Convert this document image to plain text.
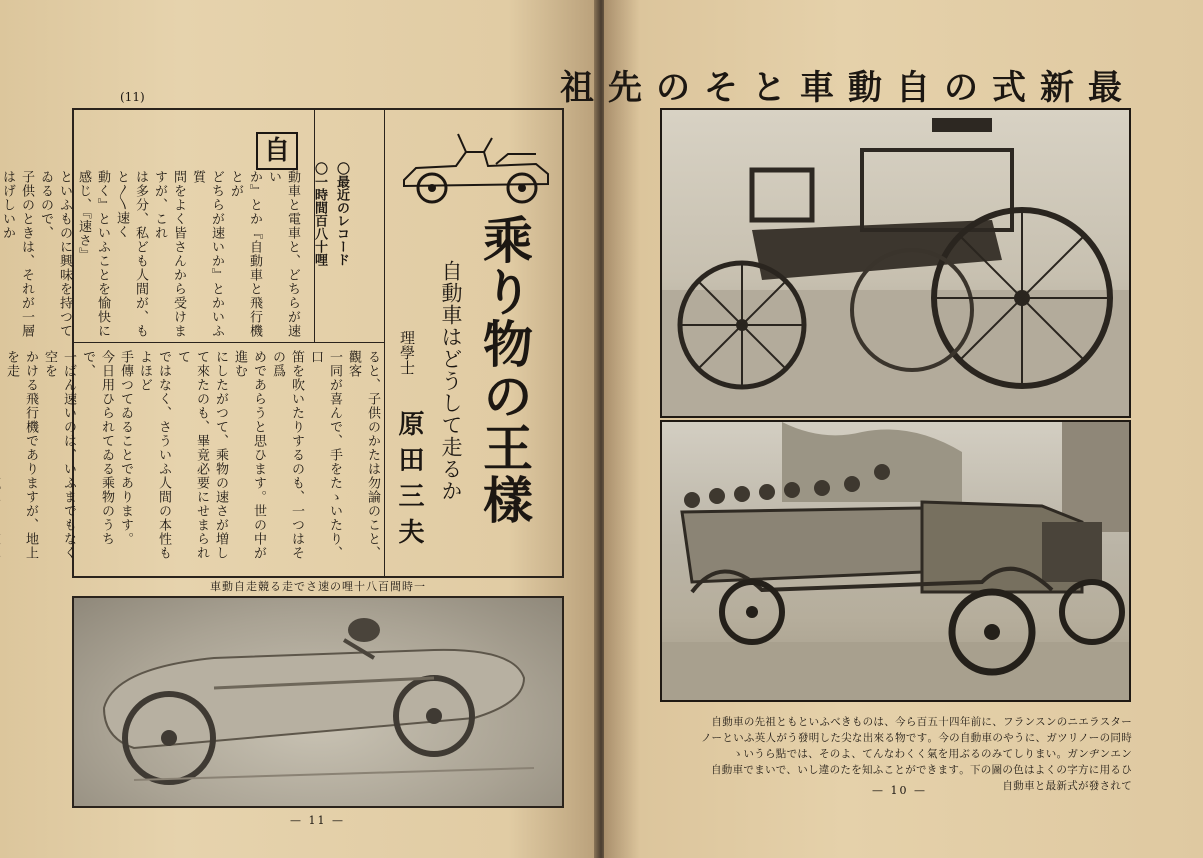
(11)
乘り物の王樣
自動車はどうして走るか
理學士
原田三夫
〇最近のレコード
〇一時間百八十哩
自
動車と電車と、どちらが速い
か』とか『自動車と飛行機とが
どちらが速いか』とかいふ質
問をよく皆さんから受けますが、これ
は多分、私ども人間が、もと〳〵速く
動く』といふことを愉快に感じ、『速さ』
といふものに興味を持つてゐるので、
子供のときは、それが一層はげしいか
ると、子供のかたは勿論のこと、觀客
一同が喜んで、手をたゝいたり、口
笛を吹いたりするのも、一つはその爲
めであらうと思ひます。世の中が進む
にしたがつて、乘物の速さが増し
て來たのも、畢竟必要にせまられて
ではなく、さういふ人間の本性もよほど
手傳つてゐることであります。
今日用ひられてゐる乘物のうちで、
一ばん速いのは、いふまでもなく空を
かける飛行機でありますが、地上を走
一時間百八十哩の速さで走る競走自動車
— 11 —
最新式の自動車とその先祖
ータスラエニのンスンラフ、に前年四十五百ら今、はのもきべふいともと祖先の車動自
時同のーノリツガ、にうやの車動自の今。すで物る來出な尖たし明發うが人英ふいとーノ
ンエンヂンガ。いまりしてみのるぶ用を氣くくわなんて、よのそ、はで點らういゝ
ひる用に方字のくよは色の圖の下。すまきでがとこふ知をたの違しい、でいまで車動自
てれさ發が式新最と車動自
— 10 —
